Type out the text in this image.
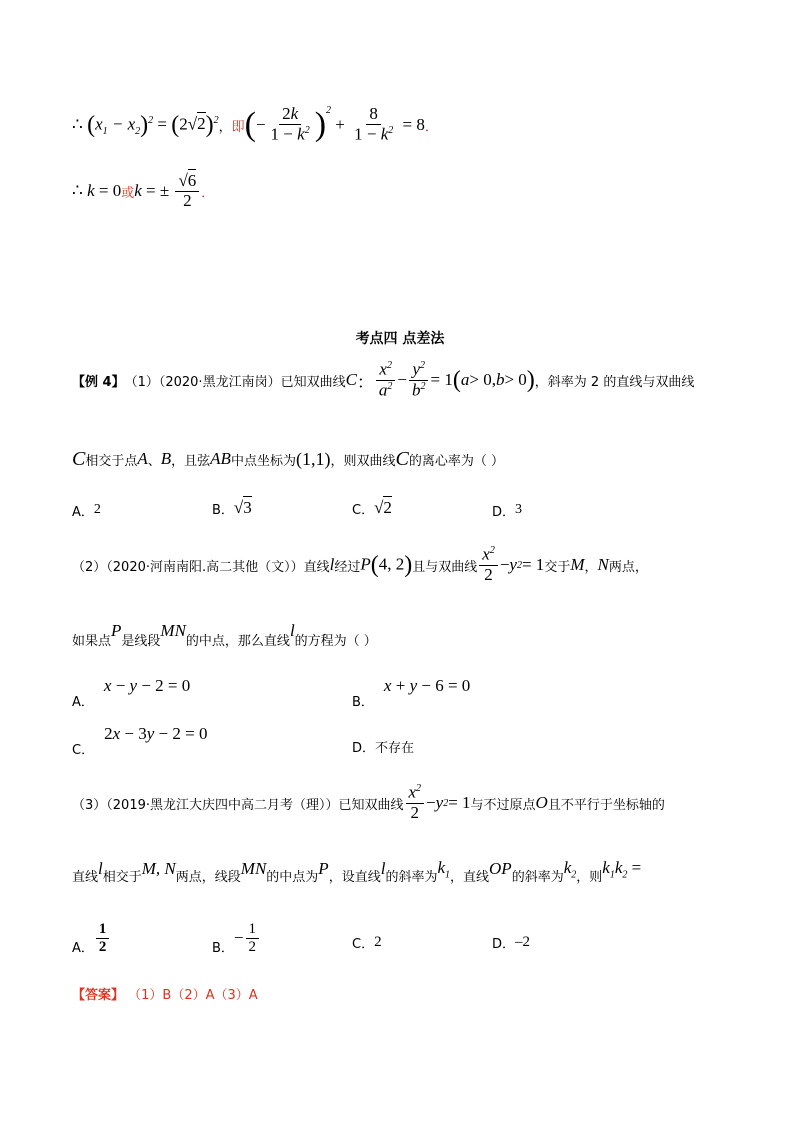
∴ $(x_1 - x_2)^2 = (2√2)^2$ ， 即 ( − $\frac{2k}{1 - k^2} )^2$
+ $\frac{8}{1 - k^2} = 8$ ．
∴ k = 0 或 k = ± $\frac{√6}{2}$ ．
考点四 点差法
【例 4】 （1）（2020·黑龙江南岗）已知双曲线 C ： $\frac{x^2}{a^2} - \frac{y^2}{b^2} = 1$ ( a > 0, b > 0 ) ，斜率为 2 的直线与双曲线
C 相交于点 A 、 B ，且弦 AB 中点坐标为 (1,1) ，则双曲线 C 的离心率为（ ）
A． 2	B． √3	C． √2	D． 3
（2）（2020·河南南阳.高二其他（文））直线 l 经过 P(4, 2) 且与双曲线 $\frac{x^2}{2} - y$ 2 = 1 交于 M ， N 两点，
如果点
P
是线段
MN
的中点，那么直线
l
的方程为（ ）
A．
x − y − 2 = 0
B．
x + y − 6 = 0
C．
2x − 3y − 2 = 0
D．不存在
（3）（2019·黑龙江大庆四中高二月考（理））已知双曲线 $\frac{x^2}{2} - y$ 2 = 1 与不过原点 O 且不平行于坐标轴的
直线 l 相交于 M, N 两点，线段 MN 的中点为 P ，设直线 l 的斜率为
$k_1$ ，直线 OP 的斜率为
$k_2$ ，则
$k_1k_2$ =
A． $\frac{1}{2}$	B．
− $\frac{1}{2}$	C． 2	D． –2
【答案】 （1）B（2）A（3）A
